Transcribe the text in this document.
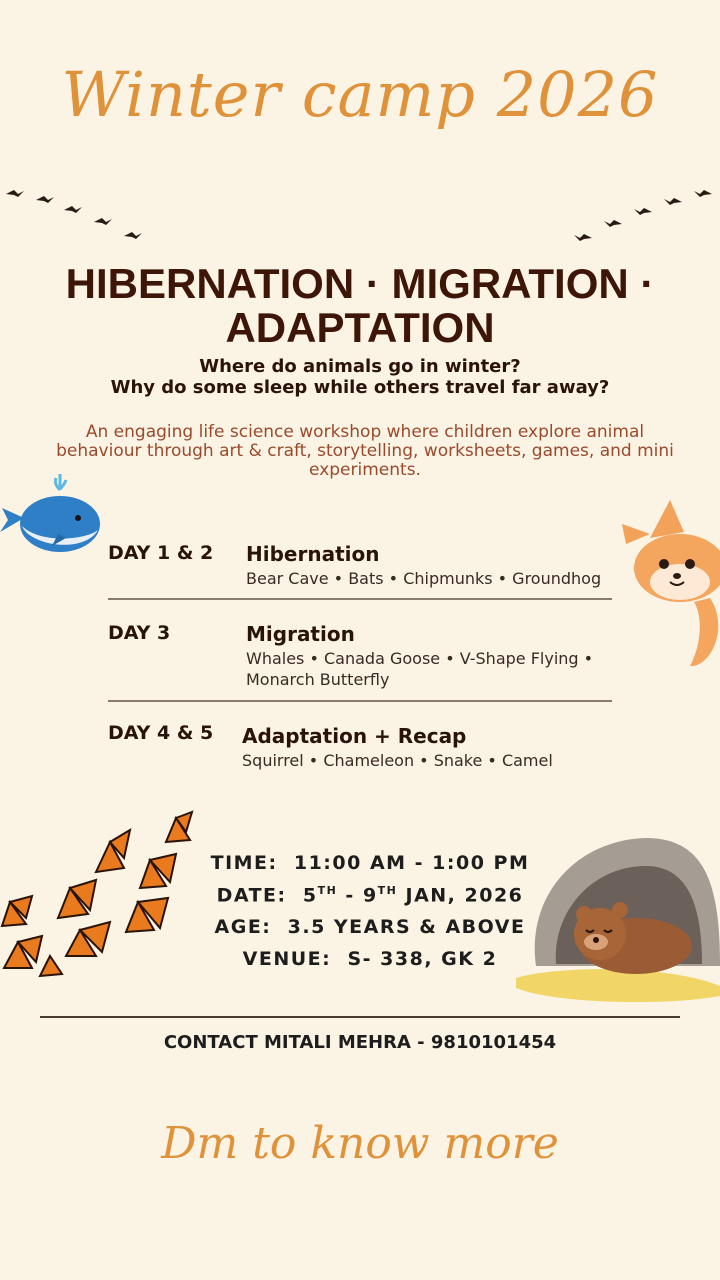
Winter camp 2026
HIBERNATION · MIGRATION ·
ADAPTATION
Where do animals go in winter?
Why do some sleep while others travel far away?
An engaging life science workshop where children explore animal behaviour through art & craft, storytelling, worksheets, games, and mini experiments.
DAY 1 & 2 Hibernation
Bear Cave • Bats • Chipmunks • Groundhog
DAY 3	Migration
Whales • Canada Goose • V-Shape Flying • Monarch Butterfly
DAY 4 & 5 Adaptation + Recap
Squirrel • Chameleon • Snake • Camel
TIME: 11:00 AM - 1:00 PM
DATE: 5TH - 9TH JAN, 2026
AGE: 3.5 YEARS & ABOVE
VENUE: S- 338, GK 2
CONTACT MITALI MEHRA - 9810101454
Dm to know more
